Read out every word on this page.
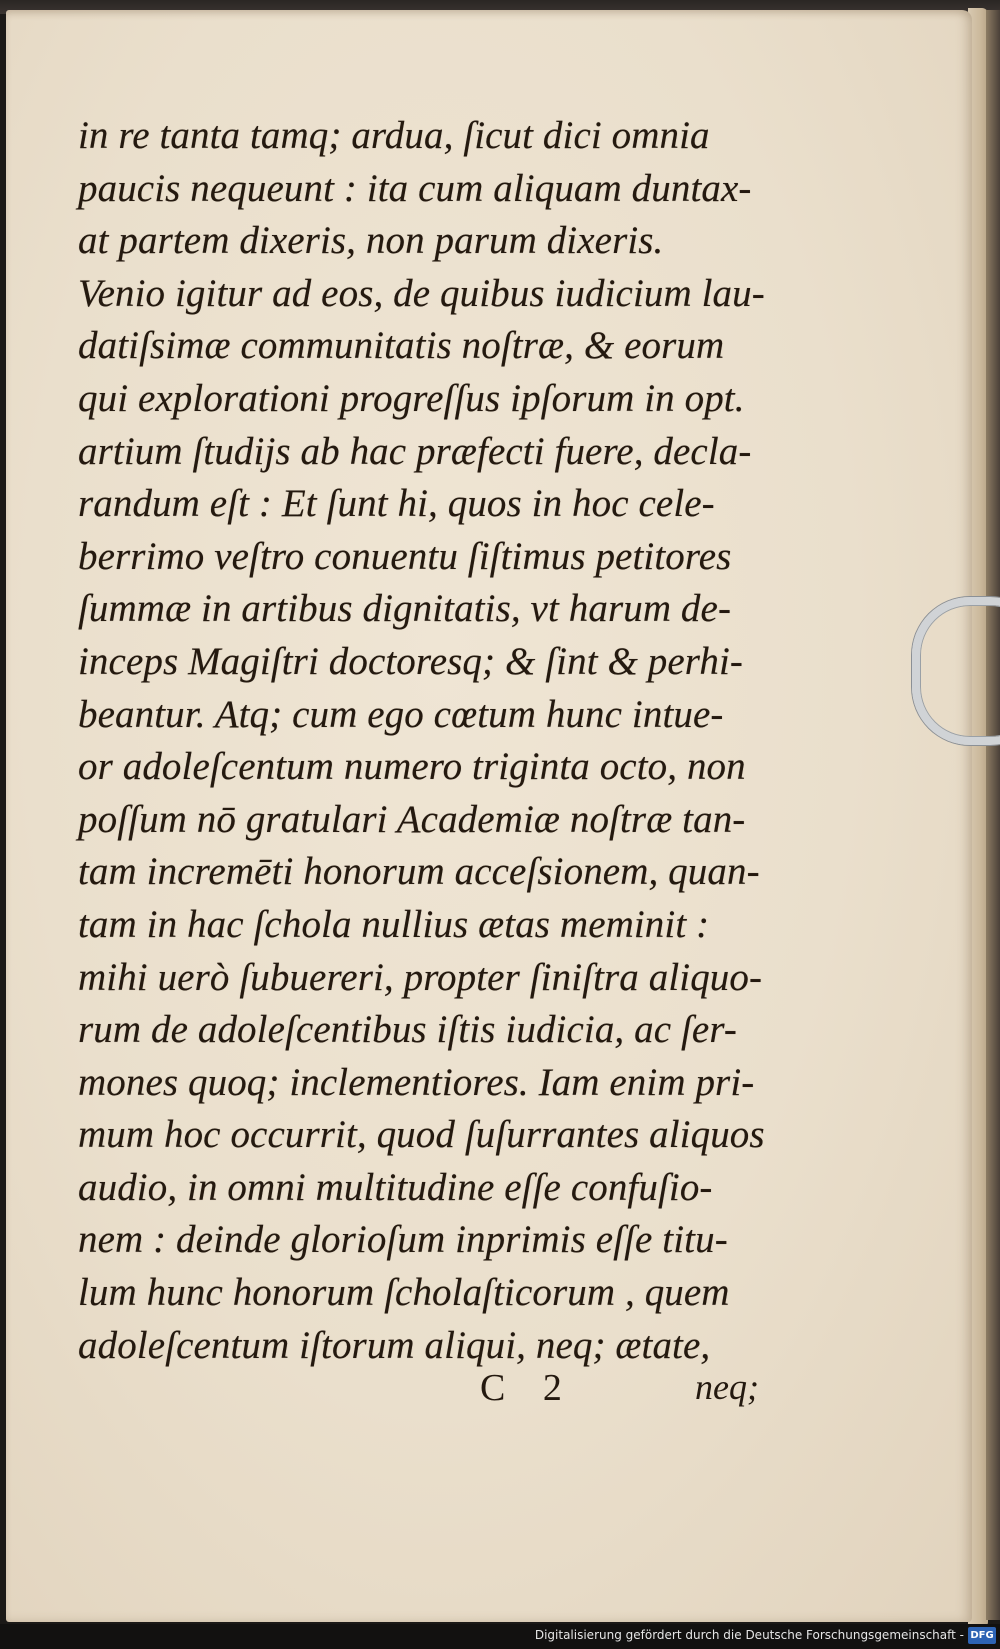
in re tanta tamq; ardua, ſicut dici omnia
paucis nequeunt : ita cum aliquam duntax-
at partem dixeris, non parum dixeris.
Venio igitur ad eos, de quibus iudicium lau-
datiſsimæ communitatis noſtræ, & eorum
qui explorationi progreſſus ipſorum in opt.
artium ſtudijs ab hac præfecti fuere, decla-
randum eſt : Et ſunt hi, quos in hoc cele-
berrimo veſtro conuentu ſiſtimus petitores
ſummæ in artibus dignitatis, vt harum de-
inceps Magiſtri doctoresq; & ſint & perhi-
beantur. Atq; cum ego cœtum hunc intue-
or adoleſcentum numero triginta octo, non
poſſum nō gratulari Academiæ noſtræ tan-
tam incremēti honorum acceſsionem, quan-
tam in hac ſchola nullius ætas meminit :
mihi uerò ſubuereri, propter ſiniſtra aliquo-
rum de adoleſcentibus iſtis iudicia, ac ſer-
mones quoq; inclementiores. Iam enim pri-
mum hoc occurrit, quod ſuſurrantes aliquos
audio, in omni multitudine eſſe confuſio-
nem : deinde glorioſum inprimis eſſe titu-
lum hunc honorum ſcholaſticorum , quem
adoleſcentum iſtorum aliqui, neq; ætate,
C 2	neq;
Digitalisierung gefördert durch die Deutsche Forschungsgemeinschaft - DFG
